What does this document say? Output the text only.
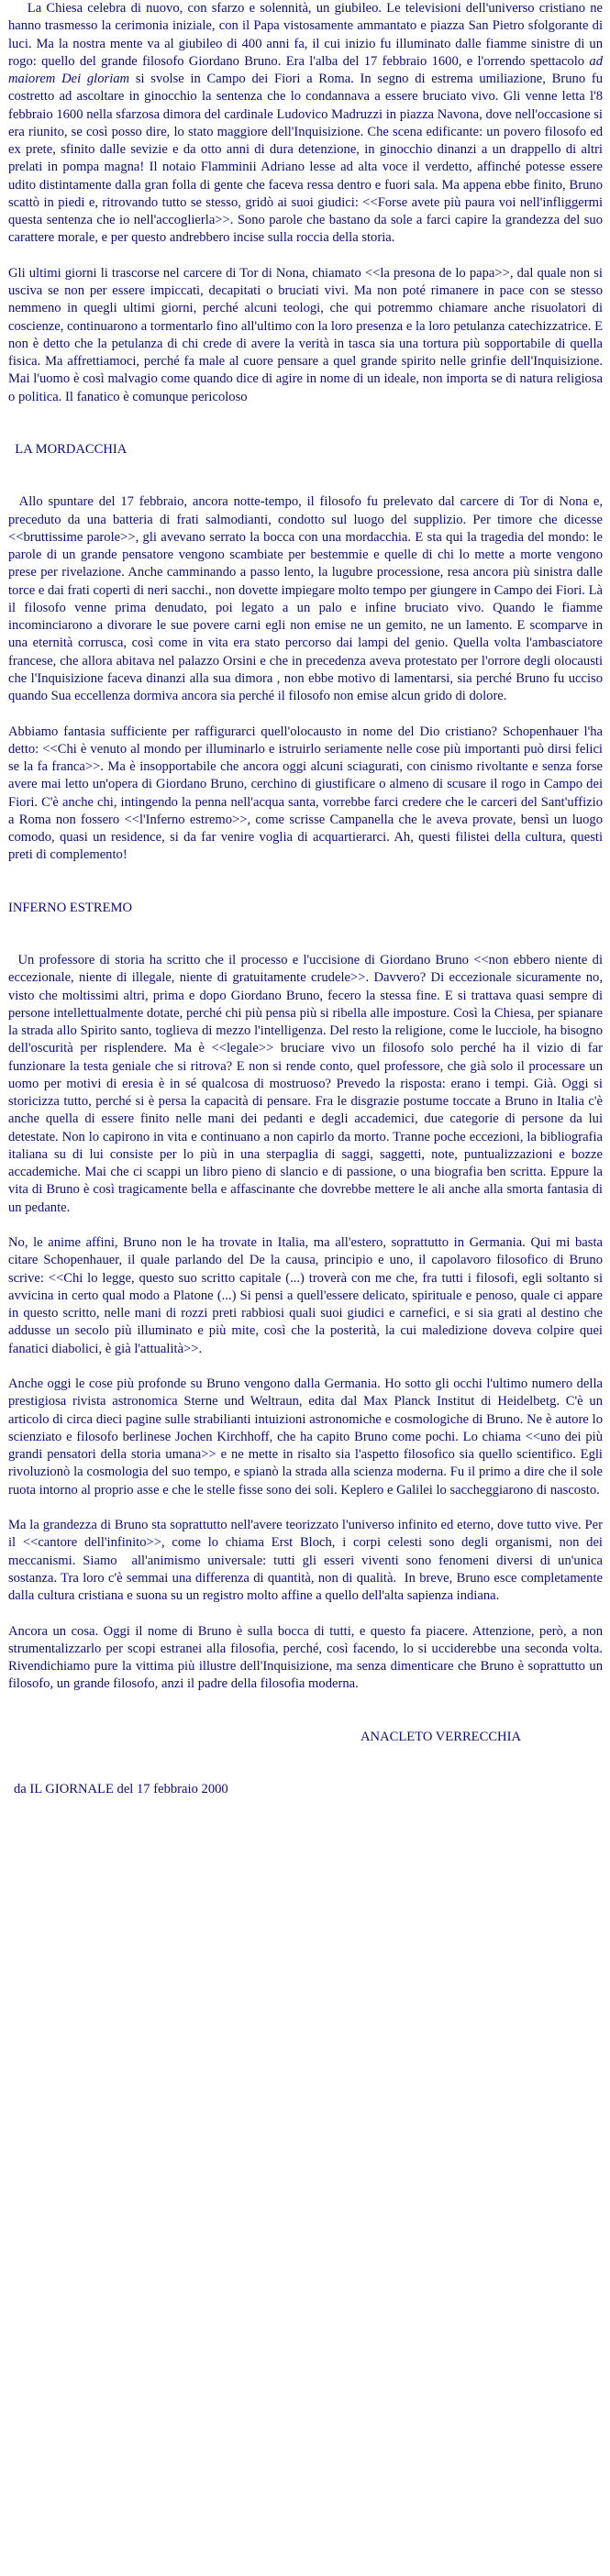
La Chiesa celebra di nuovo, con sfarzo e solennità, un giubileo. Le televisioni dell'universo cristiano ne hanno trasmesso la cerimonia iniziale, con il Papa vistosamente ammantato e piazza San Pietro sfolgorante di luci. Ma la nostra mente va al giubileo di 400 anni fa, il cui inizio fu illuminato dalle fiamme sinistre di un rogo: quello del grande filosofo Giordano Bruno. Era l'alba del 17 febbraio 1600, e l'orrendo spettacolo ad maiorem Dei gloriam si svolse in Campo dei Fiori a Roma. In segno di estrema umiliazione, Bruno fu costretto ad ascoltare in ginocchio la sentenza che lo condannava a essere bruciato vivo. Gli venne letta l'8 febbraio 1600 nella sfarzosa dimora del cardinale Ludovico Madruzzi in piazza Navona, dove nell'occasione si era riunito, se così posso dire, lo stato maggiore dell'Inquisizione. Che scena edificante: un povero filosofo ed ex prete, sfinito dalle sevizie e da otto anni di dura detenzione, in ginocchio dinanzi a un drappello di altri prelati in pompa magna! Il notaio Flamminii Adriano lesse ad alta voce il verdetto, affinché potesse essere udito distintamente dalla gran folla di gente che faceva ressa dentro e fuori sala. Ma appena ebbe finito, Bruno scattò in piedi e, ritrovando tutto se stesso, gridò ai suoi giudici: <<Forse avete più paura voi nell'infliggermi questa sentenza che io nell'accoglierla>>. Sono parole che bastano da sole a farci capire la grandezza del suo carattere morale, e per questo andrebbero incise sulla roccia della storia.

Gli ultimi giorni li trascorse nel carcere di Tor di Nona, chiamato <<la presona de lo papa>>, dal quale non si usciva se non per essere impiccati, decapitati o bruciati vivi. Ma non poté rimanere in pace con se stesso nemmeno in quegli ultimi giorni, perché alcuni teologi, che qui potremmo chiamare anche risuolatori di coscienze, continuarono a tormentarlo fino all'ultimo con la loro presenza e la loro petulanza catechizzatrice. E non è detto che la petulanza di chi crede di avere la verità in tasca sia una tortura più sopportabile di quella fisica. Ma affrettiamoci, perché fa male al cuore pensare a quel grande spirito nelle grinfie dell'Inquisizione. Mai l'uomo è così malvagio come quando dice di agire in nome di un ideale, non importa se di natura religiosa o politica. Il fanatico è comunque pericoloso

LA MORDACCHIA

Allo spuntare del 17 febbraio, ancora notte-tempo, il filosofo fu prelevato dal carcere di Tor di Nona e, preceduto da una batteria di frati salmodianti, condotto sul luogo del supplizio. Per timore che dicesse <<bruttissime parole>>, gli avevano serrato la bocca con una mordacchia. E sta qui la tragedia del mondo: le parole di un grande pensatore vengono scambiate per bestemmie e quelle di chi lo mette a morte vengono prese per rivelazione. Anche camminando a passo lento, la lugubre processione, resa ancora più sinistra dalle torce e dai frati coperti di neri sacchi., non dovette impiegare molto tempo per giungere in Campo dei Fiori. Là il filosofo venne prima denudato, poi legato a un palo e infine bruciato vivo. Quando le fiamme incominciarono a divorare le sue povere carni egli non emise ne un gemito, ne un lamento. E scomparve in una eternità corrusca, così come in vita era stato percorso dai lampi del genio. Quella volta l'ambasciatore francese, che allora abitava nel palazzo Orsini e che in precedenza aveva protestato per l'orrore degli olocausti che l'Inquisizione faceva dinanzi alla sua dimora , non ebbe motivo di lamentarsi, sia perché Bruno fu ucciso quando Sua eccellenza dormiva ancora sia perché il filosofo non emise alcun grido di dolore.

Abbiamo fantasia sufficiente per raffigurarci quell'olocausto in nome del Dio cristiano? Schopenhauer l'ha detto: <<Chi è venuto al mondo per illuminarlo e istruirlo seriamente nelle cose più importanti può dirsi felici se la fa franca>>. Ma è insopportabile che ancora oggi alcuni sciagurati, con cinismo rivoltante e senza forse avere mai letto un'opera di Giordano Bruno, cerchino di giustificare o almeno di scusare il rogo in Campo dei Fiori. C'è anche chi, intingendo la penna nell'acqua santa, vorrebbe farci credere che le carceri del Sant'uffizio a Roma non fossero <<l'Inferno estremo>>, come scrisse Campanella che le aveva provate, bensì un luogo comodo, quasi un residence, si da far venire voglia di acquartierarci. Ah, questi filistei della cultura, questi preti di complemento!

INFERNO ESTREMO

Un professore di storia ha scritto che il processo e l'uccisione di Giordano Bruno <<non ebbero niente di eccezionale, niente di illegale, niente di gratuitamente crudele>>. Davvero? Di eccezionale sicuramente no, visto che moltissimi altri, prima e dopo Giordano Bruno, fecero la stessa fine. E si trattava quasi sempre di persone intellettualmente dotate, perché chi più pensa più si ribella alle imposture. Così la Chiesa, per spianare la strada allo Spirito santo, toglieva di mezzo l'intelligenza. Del resto la religione, come le lucciole, ha bisogno dell'oscurità per risplendere. Ma è <<legale>> bruciare vivo un filosofo solo perché ha il vizio di far funzionare la testa geniale che si ritrova? E non si rende conto, quel professore, che già solo il processare un uomo per motivi di eresia è in sé qualcosa di mostruoso? Prevedo la risposta: erano i tempi. Già. Oggi si storicizza tutto, perché si è persa la capacità di pensare. Fra le disgrazie postume toccate a Bruno in Italia c'è anche quella di essere finito nelle mani dei pedanti e degli accademici, due categorie di persone da lui detestate. Non lo capirono in vita e continuano a non capirlo da morto. Tranne poche eccezioni, la bibliografia italiana su di lui consiste per lo più in una sterpaglia di saggi, saggetti, note, puntualizzazioni e bozze accademiche. Mai che ci scappi un libro pieno di slancio e di passione, o una biografia ben scritta. Eppure la vita di Bruno è così tragicamente bella e affascinante che dovrebbe mettere le ali anche alla smorta fantasia di un pedante.

No, le anime affini, Bruno non le ha trovate in Italia, ma all'estero, soprattutto in Germania. Qui mi basta citare Schopenhauer, il quale parlando del De la causa, principio e uno, il capolavoro filosofico di Bruno scrive: <<Chi lo legge, questo suo scritto capitale (...) troverà con me che, fra tutti i filosofi, egli soltanto si avvicina in certo qual modo a Platone (...) Si pensi a quell'essere delicato, spirituale e penoso, quale ci appare in questo scritto, nelle mani di rozzi preti rabbiosi quali suoi giudici e carnefici, e si sia grati al destino che addusse un secolo più illuminato e più mite, così che la posterità, la cui maledizione doveva colpire quei fanatici diabolici, è già l'attualità>>.

Anche oggi le cose più profonde su Bruno vengono dalla Germania. Ho sotto gli occhi l'ultimo numero della prestigiosa rivista astronomica Sterne und Weltraun, edita dal Max Planck Institut di Heidelbetg. C'è un articolo di circa dieci pagine sulle strabilianti intuizioni astronomiche e cosmologiche di Bruno. Ne è autore lo scienziato e filosofo berlinese Jochen Kirchhoff, che ha capito Bruno come pochi. Lo chiama <<uno dei più grandi pensatori della storia umana>> e ne mette in risalto sia l'aspetto filosofico sia quello scientifico. Egli rivoluzionò la cosmologia del suo tempo, e spianò la strada alla scienza moderna. Fu il primo a dire che il sole ruota intorno al proprio asse e che le stelle fisse sono dei soli. Keplero e Galilei lo saccheggiarono di nascosto.

Ma la grandezza di Bruno sta soprattutto nell'avere teorizzato l'universo infinito ed eterno, dove tutto vive. Per il <<cantore dell'infinito>>, come lo chiama Erst Bloch, i corpi celesti sono degli organismi, non dei meccanismi. Siamo  all'animismo universale: tutti gli esseri viventi sono fenomeni diversi di un'unica sostanza. Tra loro c'è semmai una differenza di quantità, non di qualità.  In breve, Bruno esce completamente dalla cultura cristiana e suona su un registro molto affine a quello dell'alta sapienza indiana.

Ancora un cosa. Oggi il nome di Bruno è sulla bocca di tutti, e questo fa piacere. Attenzione, però, a non strumentalizzarlo per scopi estranei alla filosofia, perché, così facendo, lo si ucciderebbe una seconda volta. Rivendichiamo pure la vittima più illustre dell'Inquisizione, ma senza dimenticare che Bruno è soprattutto un filosofo, un grande filosofo, anzi il padre della filosofia moderna.

ANACLETO VERRECCHIA

da IL GIORNALE del 17 febbraio 2000
